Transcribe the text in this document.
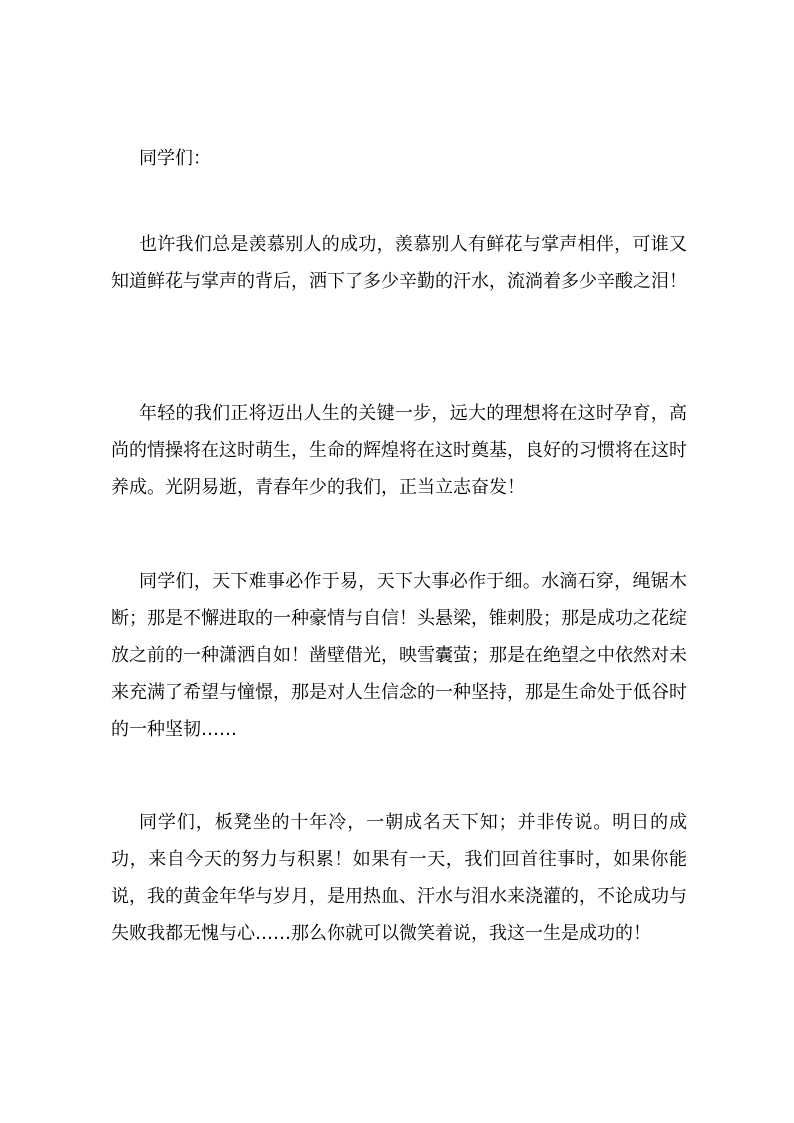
同学们：

也许我们总是羡慕别人的成功，羡慕别人有鲜花与掌声相伴，可谁又知道鲜花与掌声的背后，洒下了多少辛勤的汗水，流淌着多少辛酸之泪！

年轻的我们正将迈出人生的关键一步，远大的理想将在这时孕育，高尚的情操将在这时萌生，生命的辉煌将在这时奠基，良好的习惯将在这时养成。光阴易逝，青春年少的我们，正当立志奋发！

同学们，天下难事必作于易，天下大事必作于细。水滴石穿，绳锯木断；那是不懈进取的一种豪情与自信！头悬梁，锥刺股；那是成功之花绽放之前的一种潇洒自如！凿壁借光，映雪囊萤；那是在绝望之中依然对未来充满了希望与憧憬，那是对人生信念的一种坚持，那是生命处于低谷时的一种坚韧……

同学们，板凳坐的十年冷，一朝成名天下知；并非传说。明日的成功，来自今天的努力与积累！如果有一天，我们回首往事时，如果你能说，我的黄金年华与岁月，是用热血、汗水与泪水来浇灌的，不论成功与失败我都无愧与心……那么你就可以微笑着说，我这一生是成功的！
